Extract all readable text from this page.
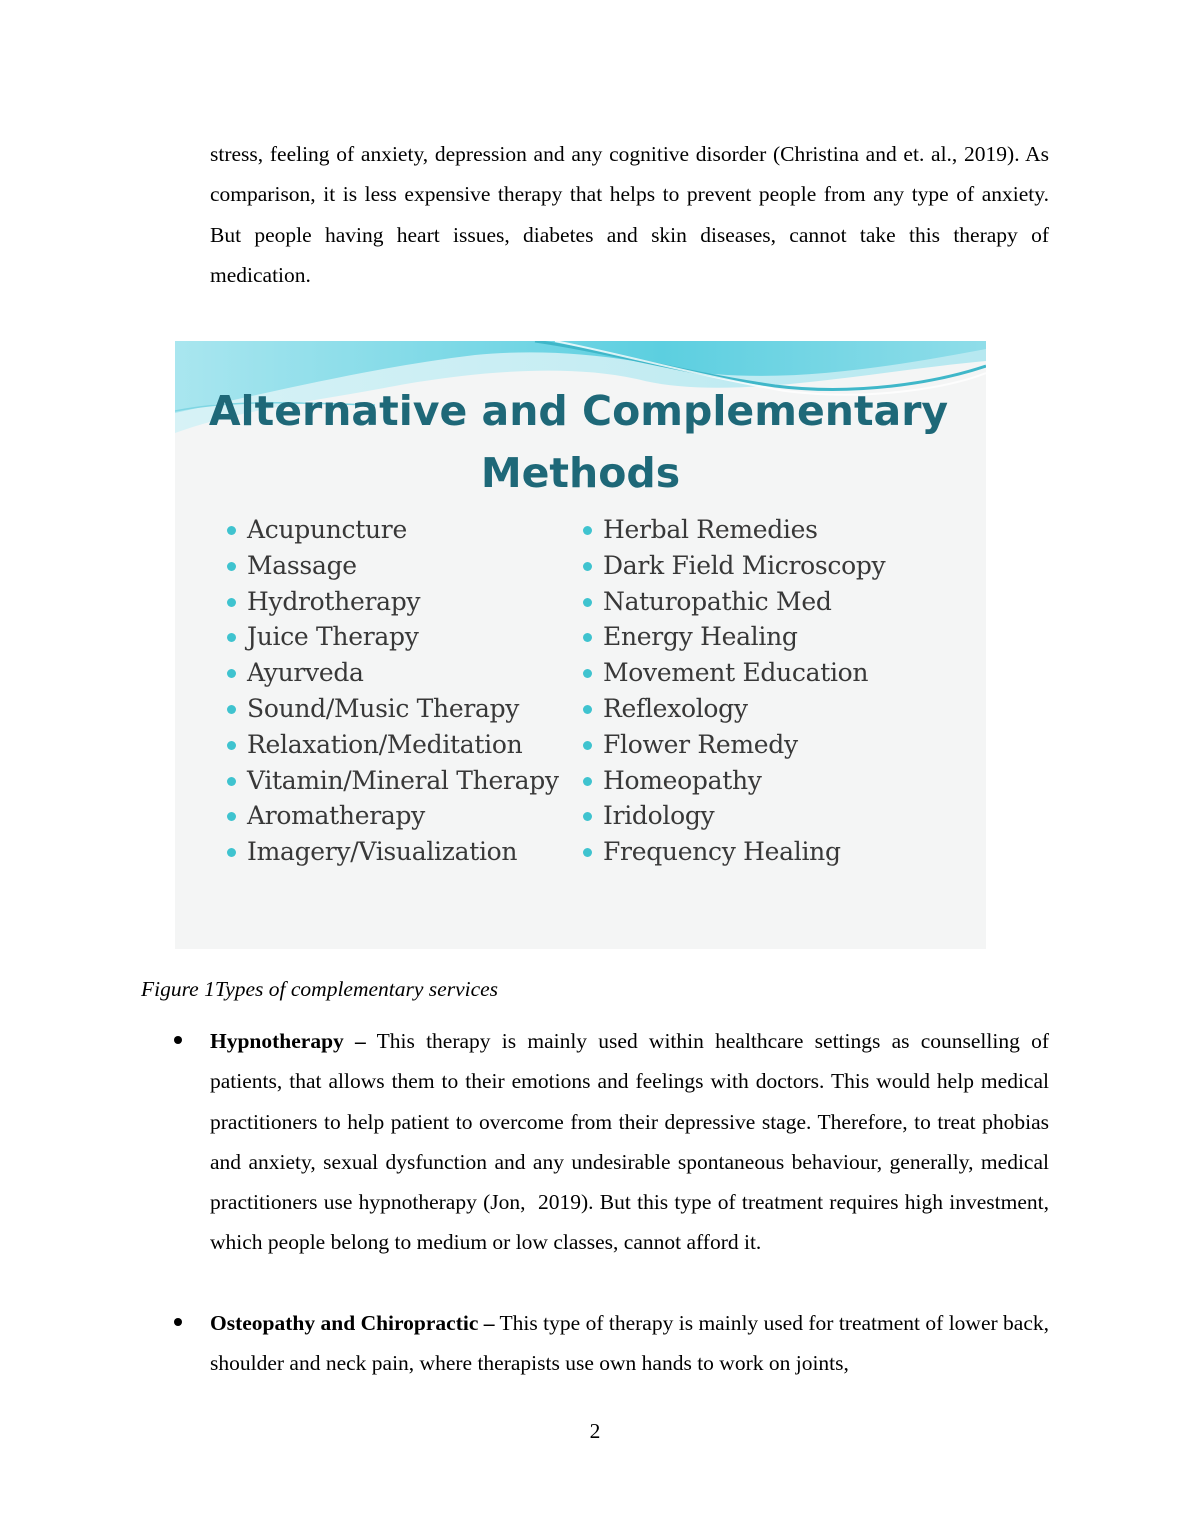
stress, feeling of anxiety, depression and any cognitive disorder (Christina and et. al., 2019). As comparison, it is less expensive therapy that helps to prevent people from any type of anxiety. But people having heart issues, diabetes and skin diseases, cannot take this therapy of medication.

Alternative and Complementary
Methods
Acupuncture
Massage
Hydrotherapy
Juice Therapy
Ayurveda
Sound/Music Therapy
Relaxation/Meditation
Vitamin/Mineral Therapy
Aromatherapy
Imagery/Visualization
Herbal Remedies
Dark Field Microscopy
Naturopathic Med
Energy Healing
Movement Education
Reflexology
Flower Remedy
Homeopathy
Iridology
Frequency Healing

Figure 1Types of complementary services

Hypnotherapy – This therapy is mainly used within healthcare settings as counselling of patients, that allows them to their emotions and feelings with doctors. This would help medical practitioners to help patient to overcome from their depressive stage. Therefore, to treat phobias and anxiety, sexual dysfunction and any undesirable spontaneous behaviour, generally, medical practitioners use hypnotherapy (Jon,  2019). But this type of treatment requires high investment, which people belong to medium or low classes, cannot afford it.

Osteopathy and Chiropractic – This type of therapy is mainly used for treatment of lower back, shoulder and neck pain, where therapists use own hands to work on joints,

2
